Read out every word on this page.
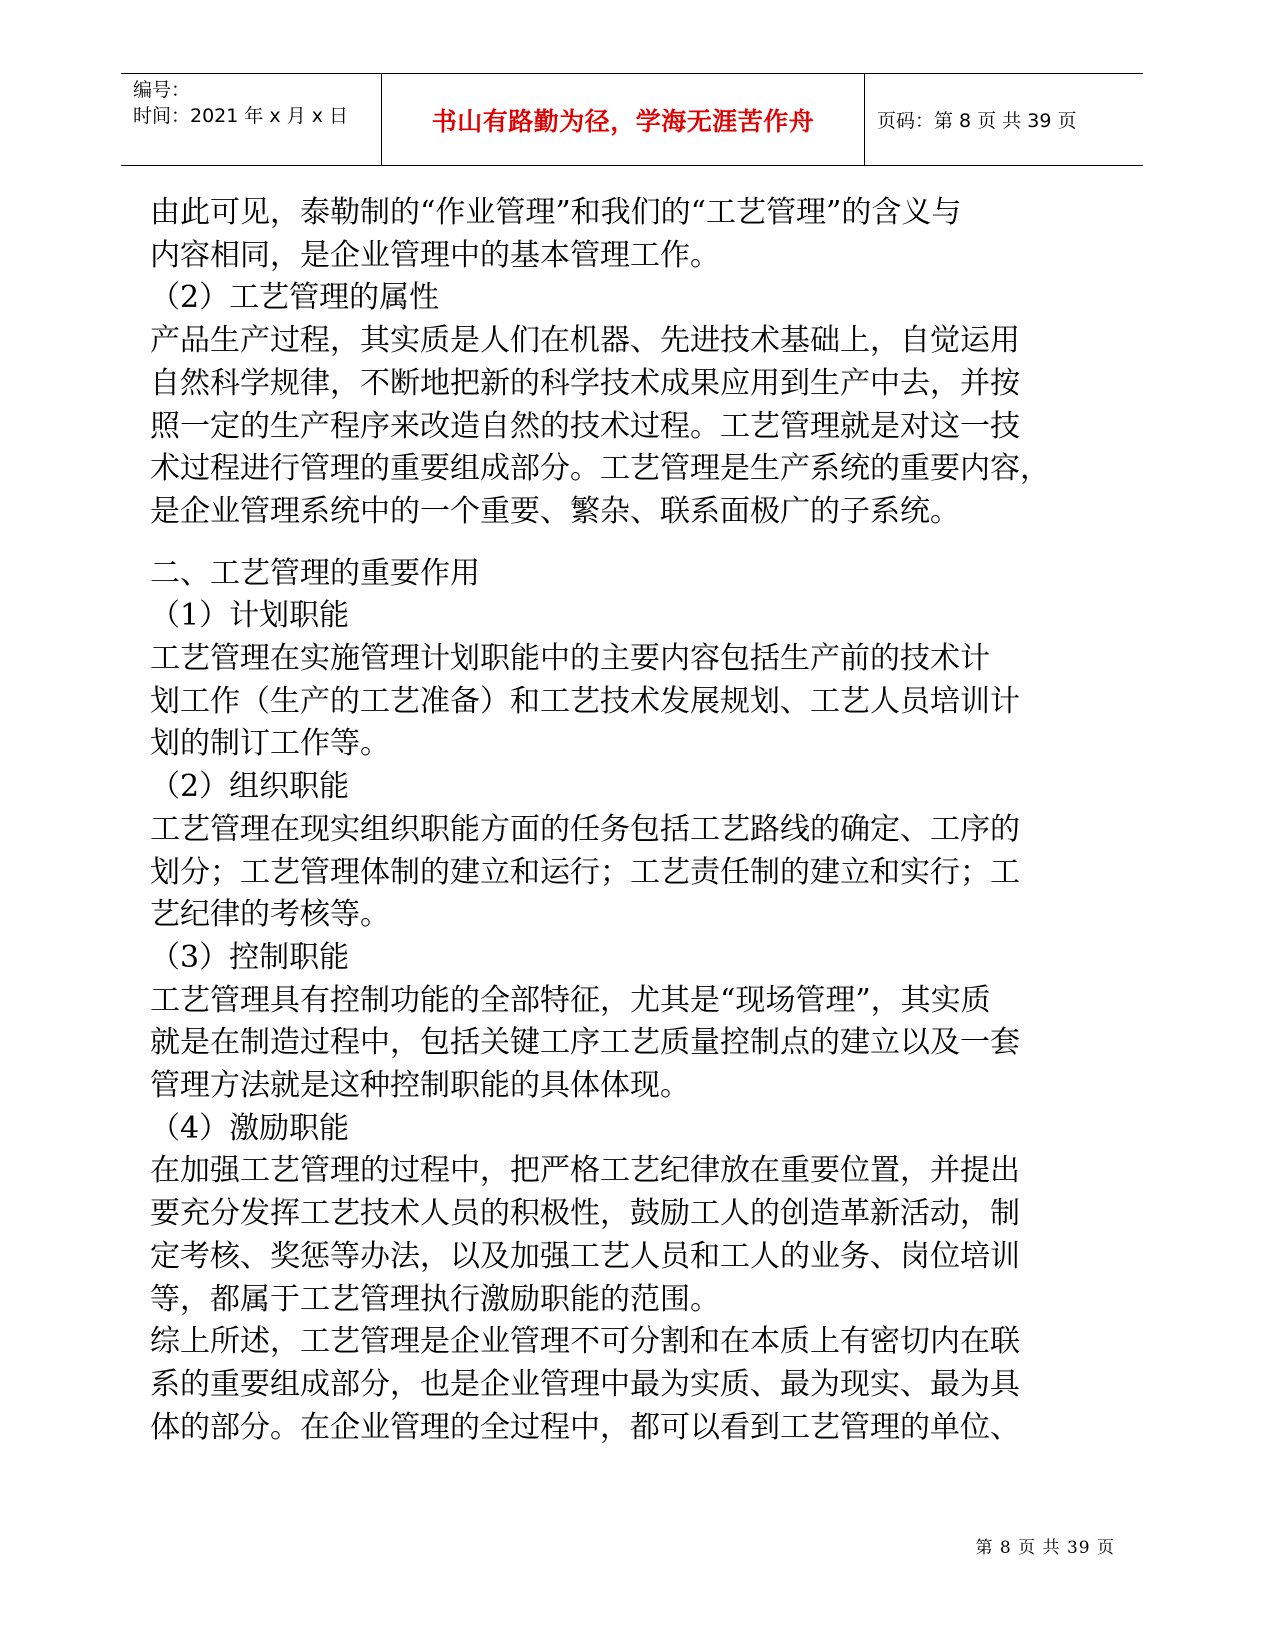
编号：
时间：2021 年 x 月 x 日	书山有路勤为径，学海无涯苦作舟	页码：第 8 页 共 39 页
由此可见，泰勒制的“作业管理”和我们的“工艺管理”的含义与
内容相同，是企业管理中的基本管理工作。
（2）工艺管理的属性
产品生产过程，其实质是人们在机器、先进技术基础上，自觉运用
自然科学规律，不断地把新的科学技术成果应用到生产中去，并按
照一定的生产程序来改造自然的技术过程。工艺管理就是对这一技
术过程进行管理的重要组成部分。工艺管理是生产系统的重要内容，
是企业管理系统中的一个重要、繁杂、联系面极广的子系统。
二、工艺管理的重要作用
（1）计划职能
工艺管理在实施管理计划职能中的主要内容包括生产前的技术计
划工作（生产的工艺准备）和工艺技术发展规划、工艺人员培训计
划的制订工作等。
（2）组织职能
工艺管理在现实组织职能方面的任务包括工艺路线的确定、工序的
划分；工艺管理体制的建立和运行；工艺责任制的建立和实行；工
艺纪律的考核等。
（3）控制职能
工艺管理具有控制功能的全部特征，尤其是“现场管理”，其实质
就是在制造过程中，包括关键工序工艺质量控制点的建立以及一套
管理方法就是这种控制职能的具体体现。
（4）激励职能
在加强工艺管理的过程中，把严格工艺纪律放在重要位置，并提出
要充分发挥工艺技术人员的积极性，鼓励工人的创造革新活动，制
定考核、奖惩等办法，以及加强工艺人员和工人的业务、岗位培训
等，都属于工艺管理执行激励职能的范围。
综上所述，工艺管理是企业管理不可分割和在本质上有密切内在联
系的重要组成部分，也是企业管理中最为实质、最为现实、最为具
体的部分。在企业管理的全过程中，都可以看到工艺管理的单位、
第 8 页 共 39 页
